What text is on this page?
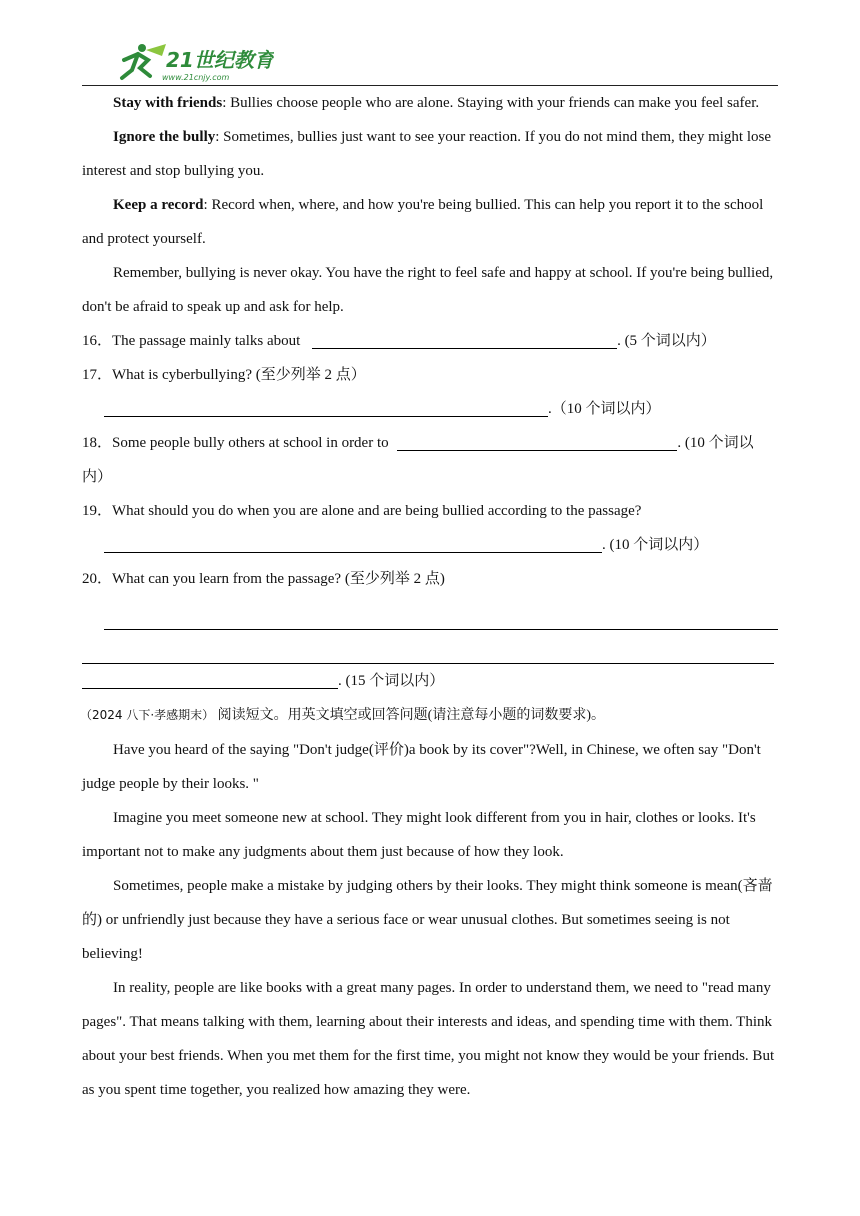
21世纪教育
www.21cnjy.com

Stay with friends: Bullies choose people who are alone. Staying with your friends can make you feel safer.

Ignore the bully: Sometimes, bullies just want to see your reaction. If you do not mind them, they might lose interest and stop bullying you.

Keep a record: Record when, where, and how you're being bullied. This can help you report it to the school and protect yourself.

Remember, bullying is never okay. You have the right to feel safe and happy at school. If you're being bullied, don't be afraid to speak up and ask for help.

16．The passage mainly talks about	. (5 个词以内）

17．What is cyberbullying? (至少列举 2 点）

.（10 个词以内）

18．Some people bully others at school in order to	. (10 个词以

内）

19．What should you do when you are alone and are being bullied according to the passage?

. (10 个词以内）

20．What can you learn from the passage? (至少列举 2 点)

. (15 个词以内）

（2024 八下·孝感期末） 阅读短文。用英文填空或回答问题(请注意每小题的词数要求)。

Have you heard of the saying "Don't judge(评价)a book by its cover"?Well, in Chinese, we often say "Don't judge people by their looks. "

Imagine you meet someone new at school. They might look different from you in hair, clothes or looks. It's important not to make any judgments about them just because of how they look.

Sometimes, people make a mistake by judging others by their looks. They might think someone is mean(吝啬的) or unfriendly just because they have a serious face or wear unusual clothes. But sometimes seeing is not believing!

In reality, people are like books with a great many pages. In order to understand them, we need to "read many pages". That means talking with them, learning about their interests and ideas, and spending time with them. Think about your best friends. When you met them for the first time, you might not know they would be your friends. But as you spent time together, you realized how amazing they were.
